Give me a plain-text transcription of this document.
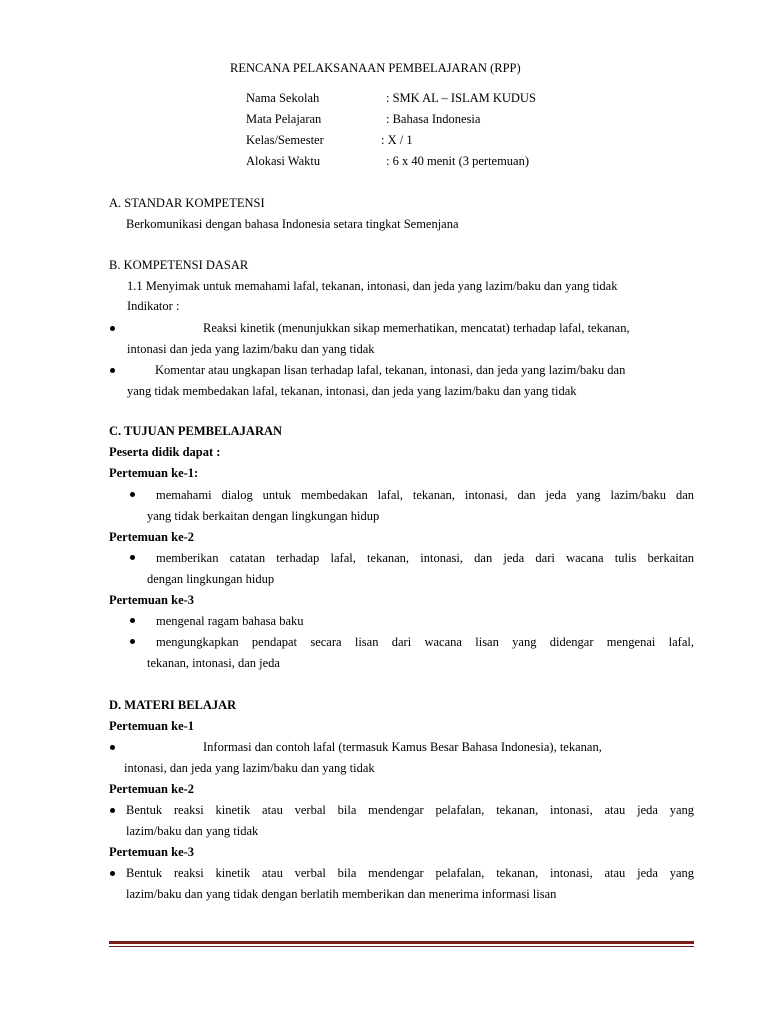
RENCANA PELAKSANAAN PEMBELAJARAN (RPP)
Nama Sekolah	: SMK AL – ISLAM KUDUS
Mata Pelajaran	: Bahasa Indonesia
Kelas/Semester	: X / 1
Alokasi Waktu	: 6 x 40 menit (3 pertemuan)
A. STANDAR KOMPETENSI
Berkomunikasi dengan bahasa Indonesia setara tingkat Semenjana
B. KOMPETENSI DASAR
1.1 Menyimak untuk memahami lafal, tekanan, intonasi, dan jeda yang lazim/baku dan yang tidak
Indikator :
Reaksi kinetik (menunjukkan sikap memerhatikan, mencatat) terhadap lafal, tekanan,
intonasi dan jeda yang lazim/baku dan yang tidak
Komentar atau ungkapan lisan terhadap lafal, tekanan, intonasi, dan jeda yang lazim/baku dan
yang tidak membedakan lafal, tekanan, intonasi, dan jeda yang lazim/baku dan yang tidak
C. TUJUAN PEMBELAJARAN
Peserta didik dapat :
Pertemuan ke-1:
memahami dialog untuk membedakan lafal, tekanan, intonasi, dan jeda yang lazim/baku dan
yang tidak berkaitan dengan lingkungan hidup
Pertemuan ke-2
memberikan catatan terhadap lafal, tekanan, intonasi, dan jeda dari wacana tulis berkaitan
dengan lingkungan hidup
Pertemuan ke-3
mengenal ragam bahasa baku
mengungkapkan pendapat secara lisan dari wacana lisan yang didengar mengenai lafal,
tekanan, intonasi, dan jeda
D. MATERI BELAJAR
Pertemuan ke-1
Informasi dan contoh lafal (termasuk Kamus Besar Bahasa Indonesia), tekanan,
intonasi, dan jeda yang lazim/baku dan yang tidak
Pertemuan ke-2
Bentuk reaksi kinetik atau verbal bila mendengar pelafalan, tekanan, intonasi, atau jeda yang
lazim/baku dan yang tidak
Pertemuan ke-3
Bentuk reaksi kinetik atau verbal bila mendengar pelafalan, tekanan, intonasi, atau jeda yang
lazim/baku dan yang tidak dengan berlatih memberikan dan menerima informasi lisan
